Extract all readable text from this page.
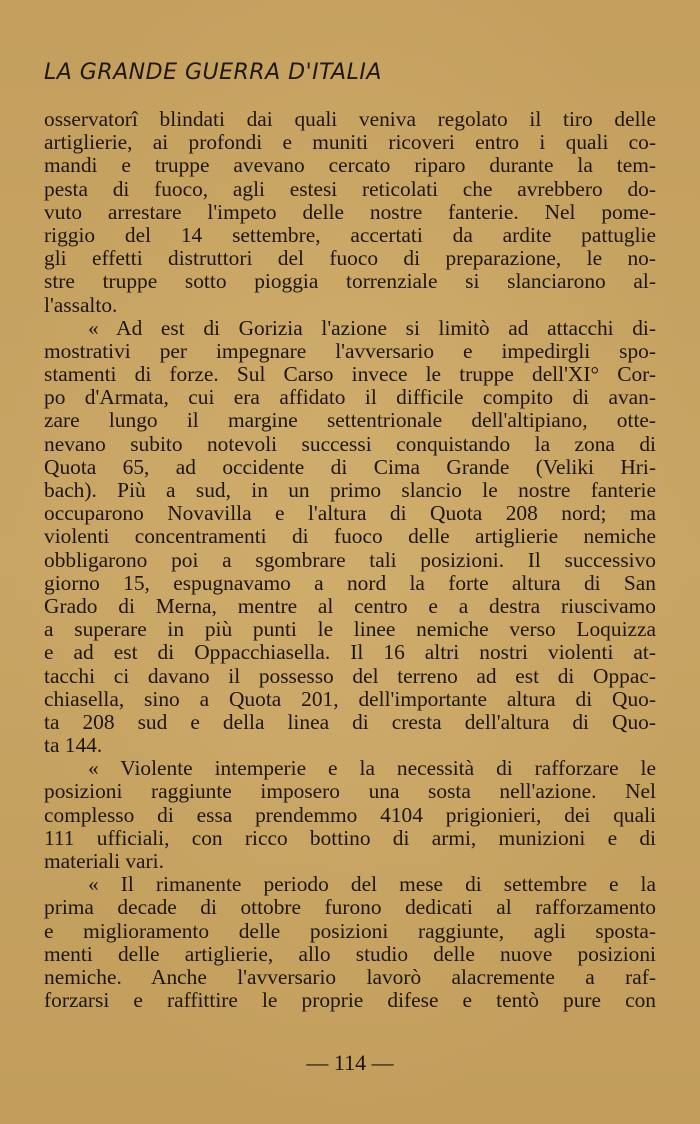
LA GRANDE GUERRA D'ITALIA
osservatorî blindati dai quali veniva regolato il tiro delle
artiglierie, ai profondi e muniti ricoveri entro i quali co-
mandi e truppe avevano cercato riparo durante la tem-
pesta di fuoco, agli estesi reticolati che avrebbero do-
vuto arrestare l'impeto delle nostre fanterie. Nel pome-
riggio del 14 settembre, accertati da ardite pattuglie
gli effetti distruttori del fuoco di preparazione, le no-
stre truppe sotto pioggia torrenziale si slanciarono al-
l'assalto.
« Ad est di Gorizia l'azione si limitò ad attacchi di-
mostrativi per impegnare l'avversario e impedirgli spo-
stamenti di forze. Sul Carso invece le truppe dell'XI° Cor-
po d'Armata, cui era affidato il difficile compito di avan-
zare lungo il margine settentrionale dell'altipiano, otte-
nevano subito notevoli successi conquistando la zona di
Quota 65, ad occidente di Cima Grande (Veliki Hri-
bach). Più a sud, in un primo slancio le nostre fanterie
occuparono Novavilla e l'altura di Quota 208 nord; ma
violenti concentramenti di fuoco delle artiglierie nemiche
obbligarono poi a sgombrare tali posizioni. Il successivo
giorno 15, espugnavamo a nord la forte altura di San
Grado di Merna, mentre al centro e a destra riuscivamo
a superare in più punti le linee nemiche verso Loquizza
e ad est di Oppacchiasella. Il 16 altri nostri violenti at-
tacchi ci davano il possesso del terreno ad est di Oppac-
chiasella, sino a Quota 201, dell'importante altura di Quo-
ta 208 sud e della linea di cresta dell'altura di Quo-
ta 144.
« Violente intemperie e la necessità di rafforzare le
posizioni raggiunte imposero una sosta nell'azione. Nel
complesso di essa prendemmo 4104 prigionieri, dei quali
111 ufficiali, con ricco bottino di armi, munizioni e di
materiali vari.
« Il rimanente periodo del mese di settembre e la
prima decade di ottobre furono dedicati al rafforzamento
e miglioramento delle posizioni raggiunte, agli sposta-
menti delle artiglierie, allo studio delle nuove posizioni
nemiche. Anche l'avversario lavorò alacremente a raf-
forzarsi e raffittire le proprie difese e tentò pure con
— 114 —
